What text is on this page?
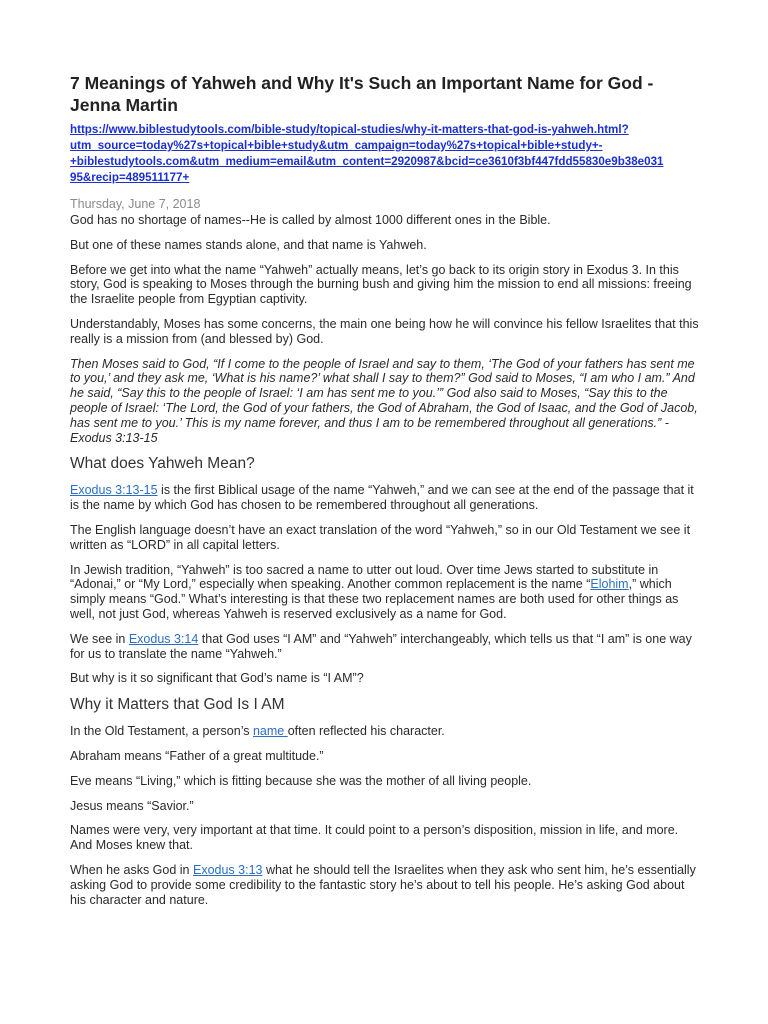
7 Meanings of Yahweh and Why It's Such an Important Name for God - Jenna Martin
https://www.biblestudytools.com/bible-study/topical-studies/why-it-matters-that-god-is-yahweh.html?
utm_source=today%27s+topical+bible+study&utm_campaign=today%27s+topical+bible+study+-
+biblestudytools.com&utm_medium=email&utm_content=2920987&bcid=ce3610f3bf447fdd55830e9b38e031
95&recip=489511177+
Thursday, June 7, 2018

God has no shortage of names--He is called by almost 1000 different ones in the Bible.

But one of these names stands alone, and that name is Yahweh.

Before we get into what the name “Yahweh” actually means, let’s go back to its origin story in Exodus 3. In this story, God is speaking to Moses through the burning bush and giving him the mission to end all missions: freeing the Israelite people from Egyptian captivity.

Understandably, Moses has some concerns, the main one being how he will convince his fellow Israelites that this really is a mission from (and blessed by) God.

Then Moses said to God, “If I come to the people of Israel and say to them, ‘The God of your fathers has sent me to you,’ and they ask me, ‘What is his name?’ what shall I say to them?” God said to Moses, “I am who I am.” And he said, “Say this to the people of Israel: ‘I am has sent me to you.’” God also said to Moses, “Say this to the people of Israel: ‘The Lord, the God of your fathers, the God of Abraham, the God of Isaac, and the God of Jacob, has sent me to you.’ This is my name forever, and thus I am to be remembered throughout all generations.” - Exodus 3:13-15

What does Yahweh Mean?

Exodus 3:13-15 is the first Biblical usage of the name “Yahweh,” and we can see at the end of the passage that it is the name by which God has chosen to be remembered throughout all generations.

The English language doesn’t have an exact translation of the word “Yahweh,” so in our Old Testament we see it written as “LORD” in all capital letters.

In Jewish tradition, “Yahweh” is too sacred a name to utter out loud. Over time Jews started to substitute in “Adonai,” or “My Lord,” especially when speaking. Another common replacement is the name “Elohim,” which simply means “God.” What’s interesting is that these two replacement names are both used for other things as well, not just God, whereas Yahweh is reserved exclusively as a name for God.

We see in Exodus 3:14 that God uses “I AM” and “Yahweh” interchangeably, which tells us that “I am” is one way for us to translate the name “Yahweh.”

But why is it so significant that God’s name is “I AM”?

Why it Matters that God Is I AM

In the Old Testament, a person’s name often reflected his character.

Abraham means “Father of a great multitude.”

Eve means “Living,” which is fitting because she was the mother of all living people.

Jesus means “Savior.”

Names were very, very important at that time. It could point to a person’s disposition, mission in life, and more. And Moses knew that.

When he asks God in Exodus 3:13 what he should tell the Israelites when they ask who sent him, he’s essentially asking God to provide some credibility to the fantastic story he’s about to tell his people. He’s asking God about his character and nature.
